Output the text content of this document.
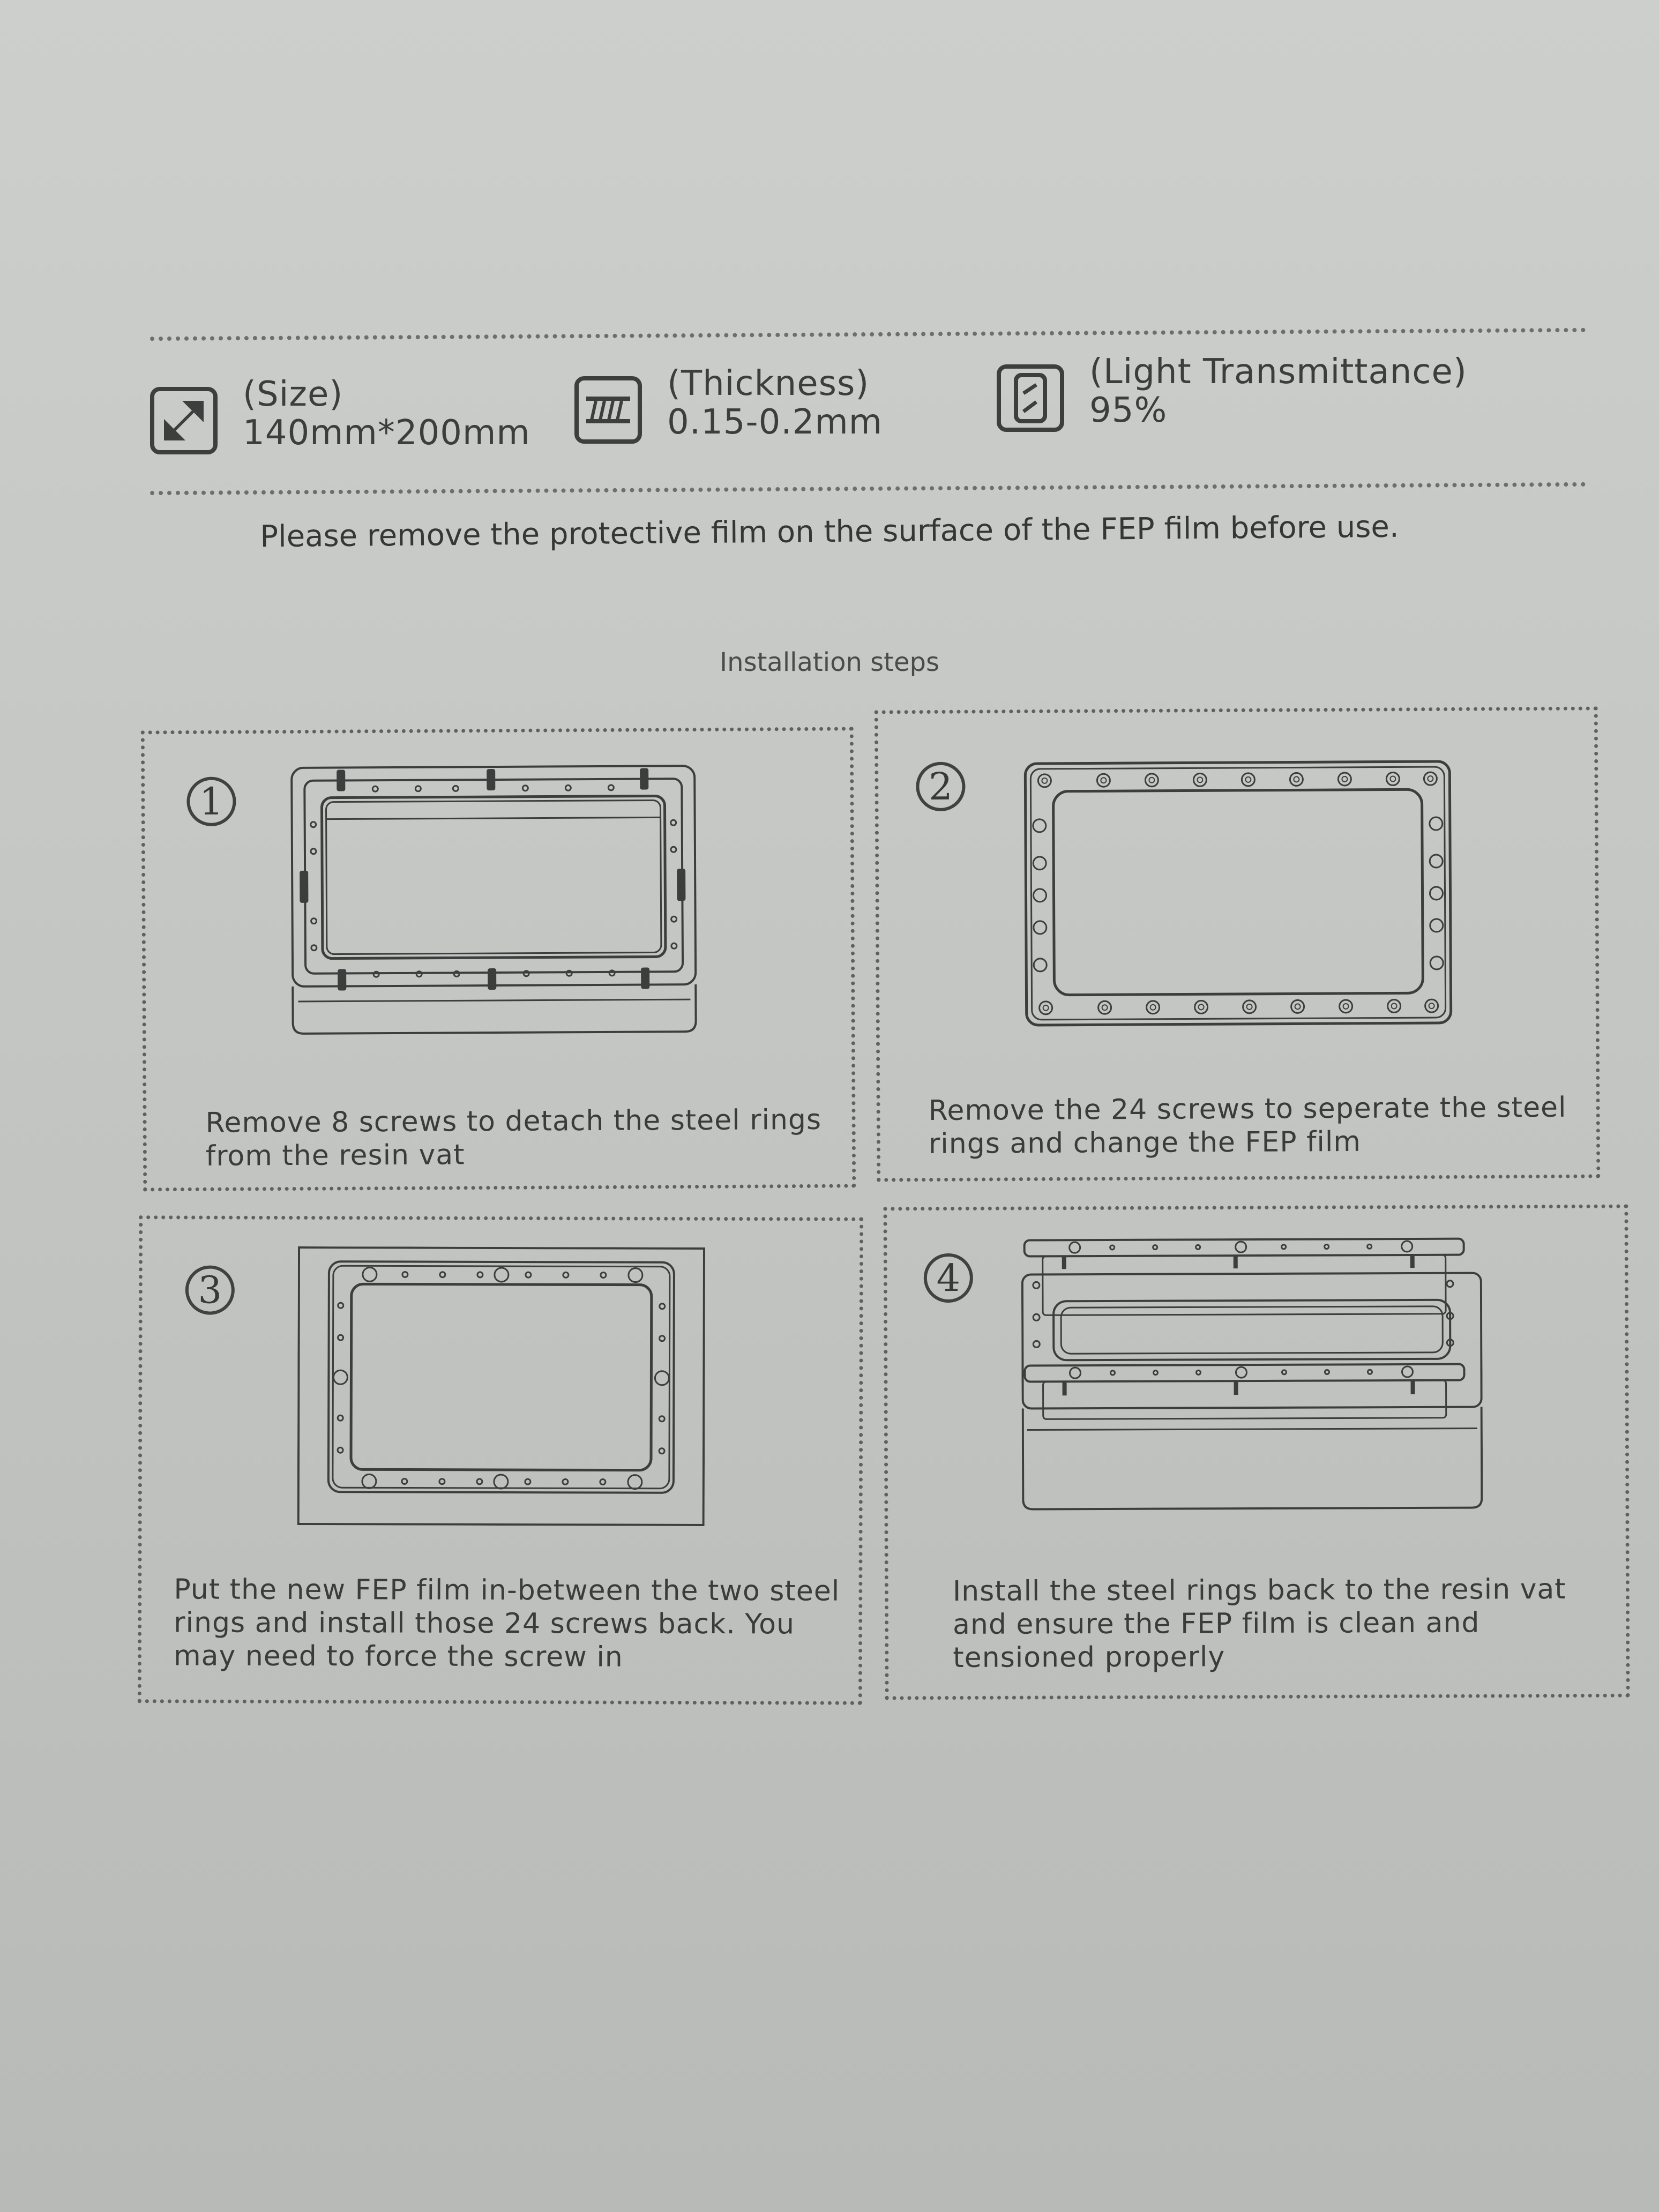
(Size)
140mm*200mm
(Thickness)
0.15-0.2mm
(Light Transmittance)
95%
Please remove the protective film on the surface of the FEP film before use.
Installation steps
1
Remove 8 screws to detach the steel rings
from the resin vat
2
Remove the 24 screws to seperate the steel
rings and change the FEP film
3
Put the new FEP film in-between the two steel
rings and install those 24 screws back. You
may need to force the screw in
4
Install the steel rings back to the resin vat
and ensure the FEP film is clean and
tensioned properly
